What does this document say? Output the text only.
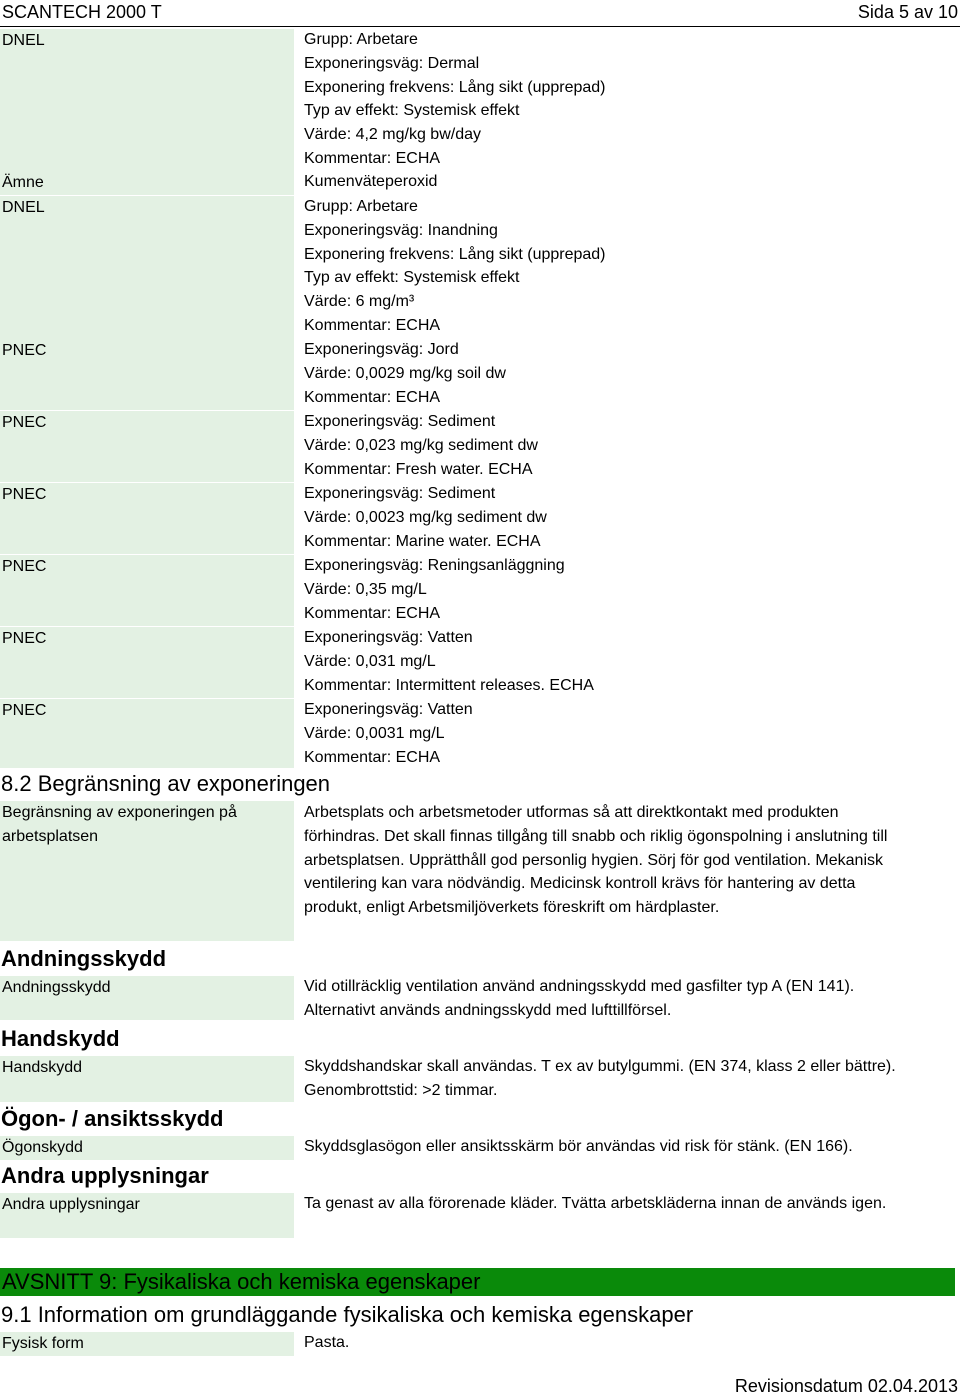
SCANTECH 2000 T	Sida 5 av 10
DNEL	Grupp: Arbetare
Exponeringsväg: Dermal
Exponering frekvens: Lång sikt (upprepad)
Typ av effekt: Systemisk effekt
Värde: 4,2 mg/kg bw/day
Kommentar: ECHA
Ämne	Kumenväteperoxid
DNEL	Grupp: Arbetare
Exponeringsväg: Inandning
Exponering frekvens: Lång sikt (upprepad)
Typ av effekt: Systemisk effekt
Värde: 6 mg/m³
Kommentar: ECHA
PNEC	Exponeringsväg: Jord
Värde: 0,0029 mg/kg soil dw
Kommentar: ECHA
PNEC	Exponeringsväg: Sediment
Värde: 0,023 mg/kg sediment dw
Kommentar: Fresh water. ECHA
PNEC	Exponeringsväg: Sediment
Värde: 0,0023 mg/kg sediment dw
Kommentar: Marine water. ECHA
PNEC	Exponeringsväg: Reningsanläggning
Värde: 0,35 mg/L
Kommentar: ECHA
PNEC	Exponeringsväg: Vatten
Värde: 0,031 mg/L
Kommentar: Intermittent releases. ECHA
PNEC	Exponeringsväg: Vatten
Värde: 0,0031 mg/L
Kommentar: ECHA
8.2 Begränsning av exponeringen
Begränsning av exponeringen på arbetsplatsen
Arbetsplats och arbetsmetoder utformas så att direktkontakt med produkten förhindras. Det skall finnas tillgång till snabb och riklig ögonspolning i anslutning till arbetsplatsen. Upprätthåll god personlig hygien. Sörj för god ventilation. Mekanisk ventilering kan vara nödvändig. Medicinsk kontroll krävs för hantering av detta produkt, enligt Arbetsmiljöverkets föreskrift om härdplaster.
Andningsskydd
Andningsskydd	Vid otillräcklig ventilation använd andningsskydd med gasfilter typ A (EN 141). Alternativt används andningsskydd med lufttillförsel.
Handskydd
Handskydd	Skyddshandskar skall användas. T ex av butylgummi. (EN 374, klass 2 eller bättre). Genombrottstid: >2 timmar.
Ögon- / ansiktsskydd
Ögonskydd	Skyddsglasögon eller ansiktsskärm bör användas vid risk för stänk. (EN 166).
Andra upplysningar
Andra upplysningar	Ta genast av alla förorenade kläder. Tvätta arbetskläderna innan de används igen.
AVSNITT 9: Fysikaliska och kemiska egenskaper
9.1 Information om grundläggande fysikaliska och kemiska egenskaper
Fysisk form	Pasta.
Revisionsdatum 02.04.2013
